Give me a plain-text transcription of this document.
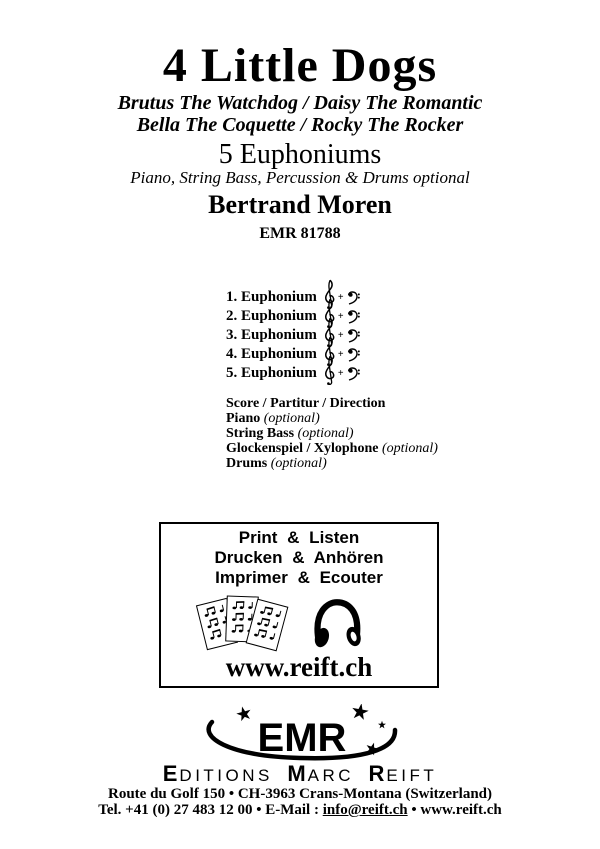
4 Little Dogs
Brutus The Watchdog / Daisy The Romantic
Bella The Coquette / Rocky The Rocker
5 Euphoniums
Piano, String Bass, Percussion & Drums optional
Bertrand Moren
EMR 81788
1. Euphonium +
2. Euphonium +
3. Euphonium +
4. Euphonium +
5. Euphonium +
Score / Partitur / Direction
Piano (optional)
String Bass (optional)
Glockenspiel / Xylophone (optional)
Drums (optional)
Print & Listen
Drucken & Anhören
Imprimer & Ecouter
www.reift.ch
EMR
EDITIONS MARC REIFT
Route du Golf 150 • CH-3963 Crans-Montana (Switzerland)
Tel. +41 (0) 27 483 12 00 • E-Mail : info@reift.ch • www.reift.ch
